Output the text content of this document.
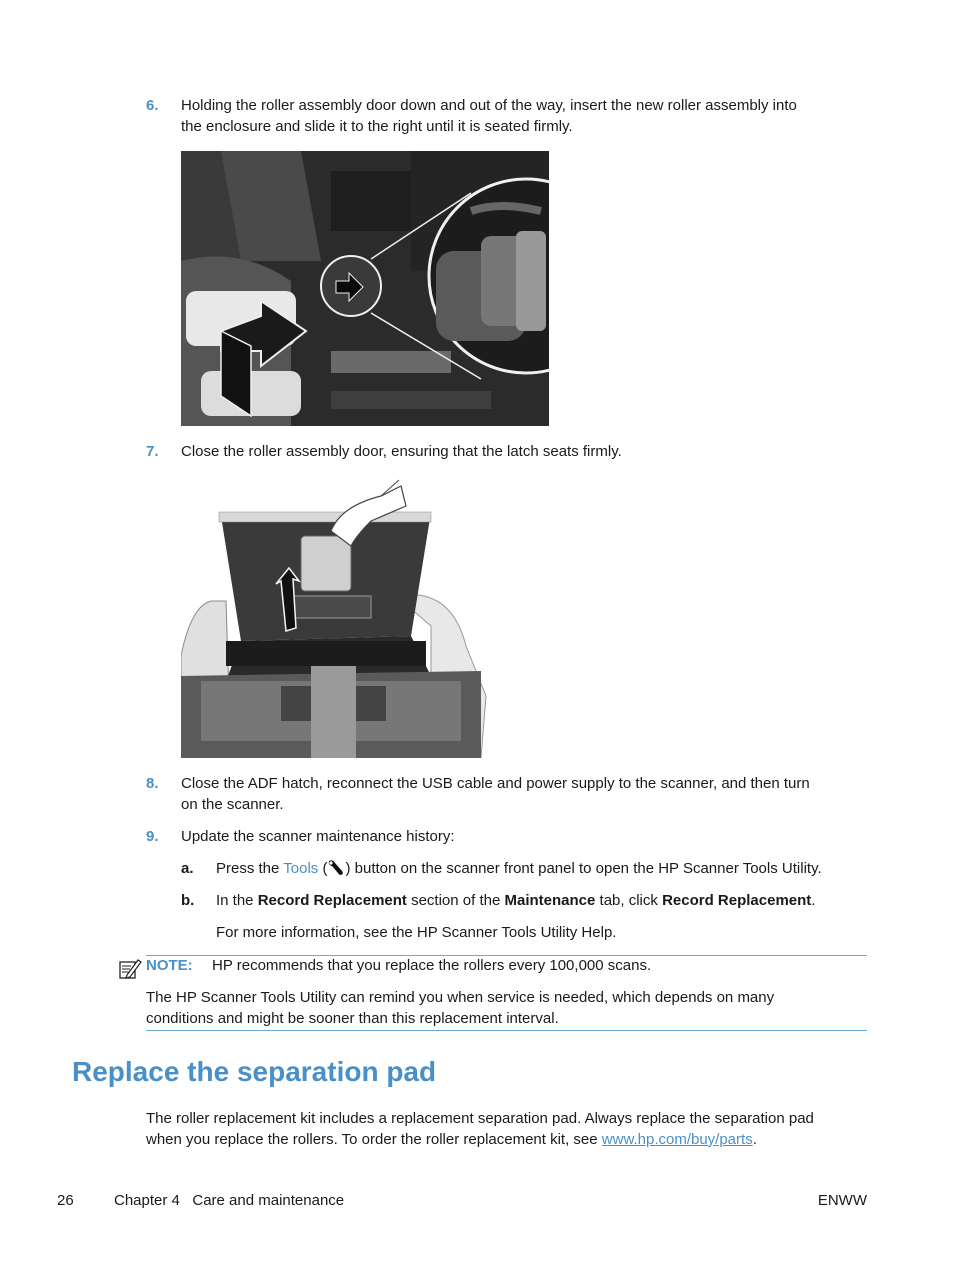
6. Holding the roller assembly door down and out of the way, insert the new roller assembly into
the enclosure and slide it to the right until it is seated firmly.
7. Close the roller assembly door, ensuring that the latch seats firmly.
8. Close the ADF hatch, reconnect the USB cable and power supply to the scanner, and then turn
on the scanner.
9. Update the scanner maintenance history:
a. Press the Tools ( ) button on the scanner front panel to open the HP Scanner Tools Utility.
b. In the Record Replacement section of the Maintenance tab, click Record Replacement.
For more information, see the HP Scanner Tools Utility Help.
NOTE: HP recommends that you replace the rollers every 100,000 scans.
The HP Scanner Tools Utility can remind you when service is needed, which depends on many
conditions and might be sooner than this replacement interval.
Replace the separation pad
The roller replacement kit includes a replacement separation pad. Always replace the separation pad
when you replace the rollers. To order the roller replacement kit, see www.hp.com/buy/parts.
26	Chapter 4   Care and maintenance	ENWW
